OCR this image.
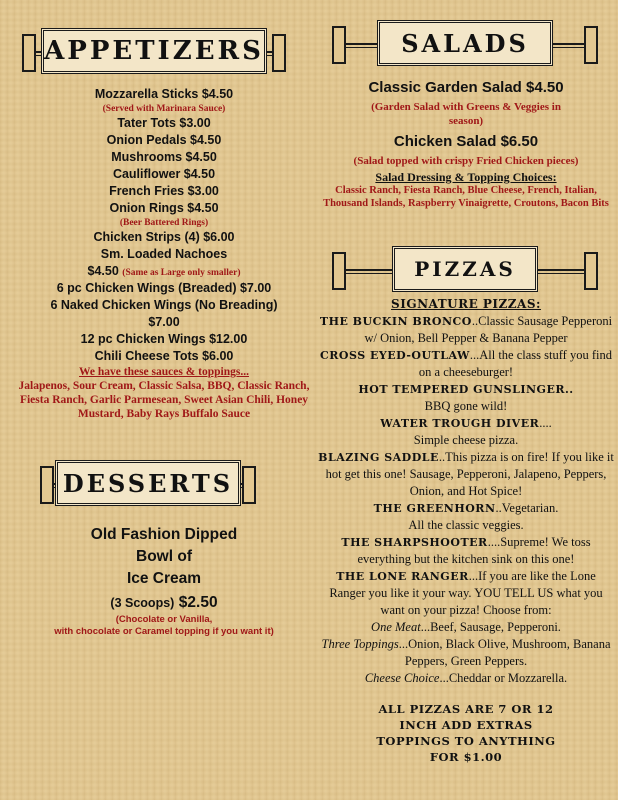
APPETIZERS
Mozzarella Sticks $4.50
(Served with Marinara Sauce)
Tater Tots $3.00
Onion Pedals $4.50
Mushrooms $4.50
Cauliflower $4.50
French Fries $3.00
Onion Rings $4.50
(Beer Battered Rings)
Chicken Strips (4) $6.00
Sm. Loaded Nachoes
$4.50 (Same as Large only smaller)
6 pc Chicken Wings (Breaded) $7.00
6 Naked Chicken Wings (No Breading)
$7.00
12 pc Chicken Wings $12.00
Chili Cheese Tots $6.00
We have these sauces & toppings...
Jalapenos, Sour Cream, Classic Salsa, BBQ, Classic Ranch, Fiesta Ranch, Garlic Parmesean, Sweet Asian Chili, Honey Mustard, Baby Rays Buffalo Sauce
DESSERTS
Old Fashion Dipped
Bowl of
Ice Cream
(3 Scoops) $2.50
(Chocolate or Vanilla,
with chocolate or Caramel topping if you want it)
SALADS
Classic Garden Salad $4.50
(Garden Salad with Greens & Veggies in season)
Chicken Salad $6.50
(Salad topped with crispy Fried Chicken pieces)
Salad Dressing & Topping Choices:
Classic Ranch, Fiesta Ranch, Blue Cheese, French, Italian, Thousand Islands, Raspberry Vinaigrette, Croutons, Bacon Bits
PIZZAS
SIGNATURE PIZZAS:
THE BUCKIN BRONCO..Classic Sausage Pepperoni w/ Onion, Bell Pepper & Banana Pepper
CROSS EYED-OUTLAW...All the class stuff you find on a cheeseburger!
HOT TEMPERED GUNSLINGER..
BBQ gone wild!
WATER TROUGH DIVER....
Simple cheese pizza.
BLAZING SADDLE..This pizza is on fire! If you like it hot get this one! Sausage, Pepperoni, Jalapeno, Peppers, Onion, and Hot Spice!
THE GREENHORN..Vegetarian.
All the classic veggies.
THE SHARPSHOOTER....Supreme! We toss everything but the kitchen sink on this one!
THE LONE RANGER...If you are like the Lone Ranger you like it your way. YOU TELL US what you want on your pizza! Choose from:
One Meat...Beef, Sausage, Pepperoni.
Three Toppings...Onion, Black Olive, Mushroom, Banana Peppers, Green Peppers.
Cheese Choice...Cheddar or Mozzarella.
ALL PIZZAS ARE 7 OR 12 INCH ADD EXTRAS TOPPINGS TO ANYTHING FOR $1.00
